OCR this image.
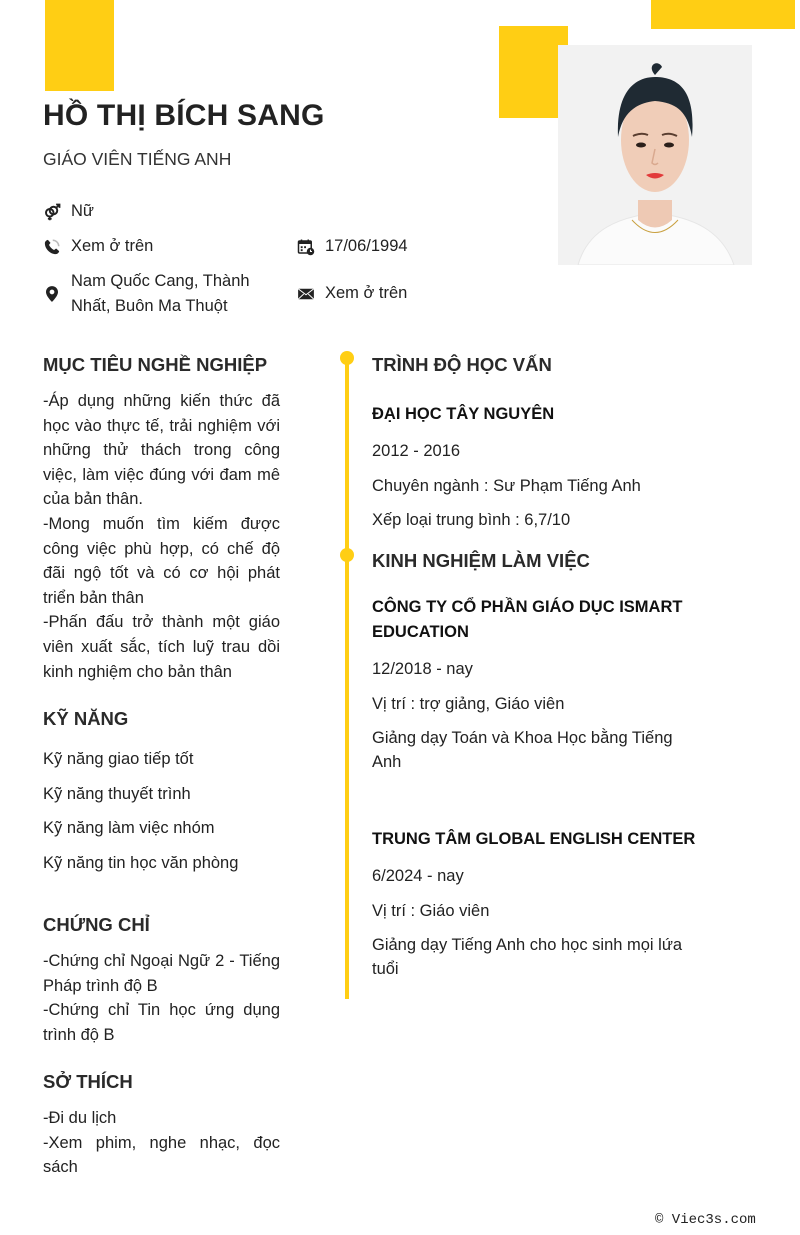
HỒ THỊ BÍCH SANG
GIÁO VIÊN TIẾNG ANH
Nữ
Xem ở trên	17/06/1994
Nam Quốc Cang, Thành
Nhất, Buôn Ma Thuột
Xem ở trên
MỤC TIÊU NGHỀ NGHIỆP

-Áp dụng những kiến thức đã học vào thực tế, trải nghiệm với những thử thách trong công việc, làm việc đúng với đam mê của bản thân.

-Mong muốn tìm kiếm được công việc phù hợp, có chế độ đãi ngộ tốt và có cơ hội phát triển bản thân

-Phấn đấu trở thành một giáo viên xuất sắc, tích luỹ trau dồi kinh nghiệm cho bản thân

KỸ NĂNG
Kỹ năng giao tiếp tốt
Kỹ năng thuyết trình
Kỹ năng làm việc nhóm
Kỹ năng tin học văn phòng
CHỨNG CHỈ

-Chứng chỉ Ngoại Ngữ 2 - Tiếng Pháp trình độ B

-Chứng chỉ Tin học ứng dụng trình độ B

SỞ THÍCH

-Đi du lịch

-Xem phim, nghe nhạc, đọc sách

TRÌNH ĐỘ HỌC VẤN
ĐẠI HỌC TÂY NGUYÊN
2012 - 2016
Chuyên ngành : Sư Phạm Tiếng Anh
Xếp loại trung bình : 6,7/10
KINH NGHIỆM LÀM VIỆC
CÔNG TY CỔ PHẦN GIÁO DỤC ISMART EDUCATION
12/2018 - nay
Vị trí : trợ giảng, Giáo viên
Giảng dạy Toán và Khoa Học bằng Tiếng Anh
TRUNG TÂM GLOBAL ENGLISH CENTER
6/2024 - nay
Vị trí : Giáo viên
Giảng dạy Tiếng Anh cho học sinh mọi lứa tuổi
© Viec3s.com
